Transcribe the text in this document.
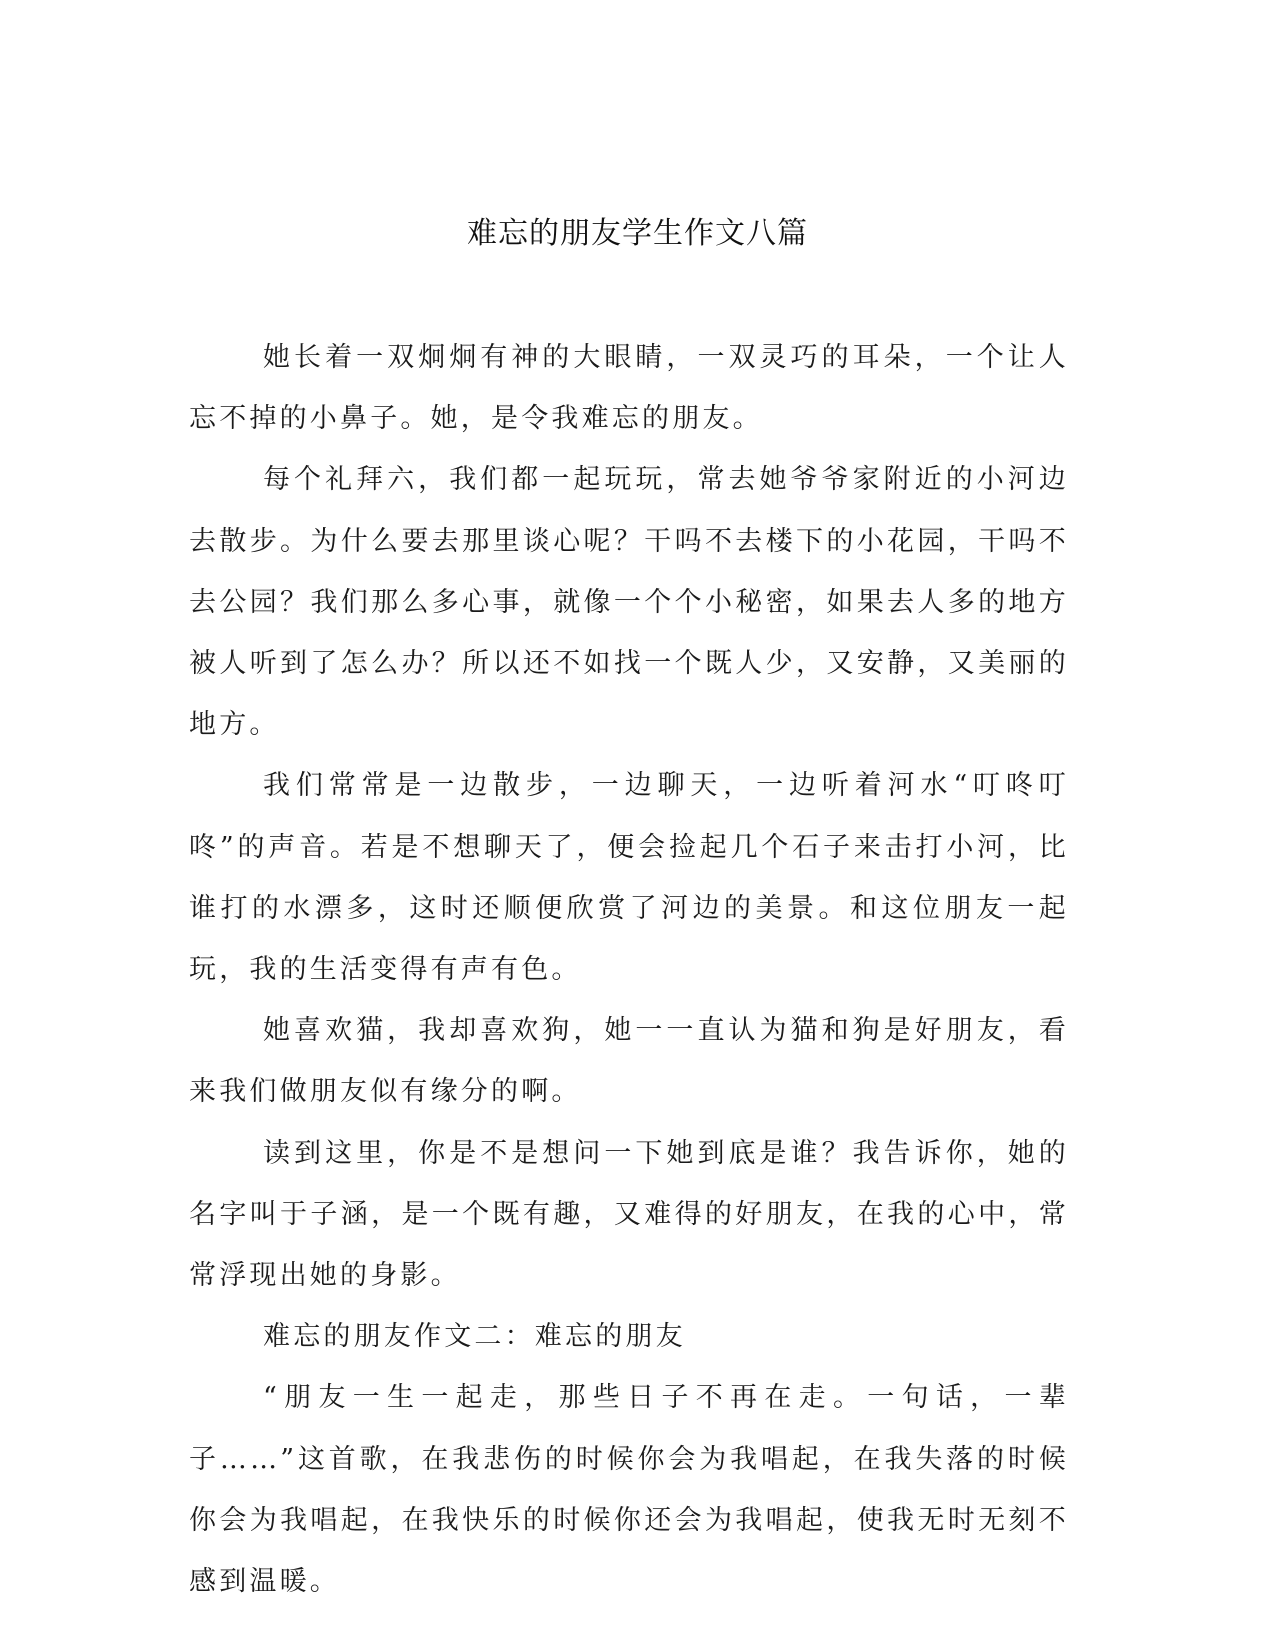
难忘的朋友学生作文八篇

她长着一双炯炯有神的大眼睛，一双灵巧的耳朵，一个让人忘不掉的小鼻子。她，是令我难忘的朋友。

每个礼拜六，我们都一起玩玩，常去她爷爷家附近的小河边去散步。为什么要去那里谈心呢？干吗不去楼下的小花园，干吗不去公园？我们那么多心事，就像一个个小秘密，如果去人多的地方被人听到了怎么办？所以还不如找一个既人少，又安静，又美丽的地方。

我们常常是一边散步，一边聊天，一边听着河水“叮咚叮咚”的声音。若是不想聊天了，便会捡起几个石子来击打小河，比谁打的水漂多，这时还顺便欣赏了河边的美景。和这位朋友一起玩，我的生活变得有声有色。

她喜欢猫，我却喜欢狗，她一一直认为猫和狗是好朋友，看来我们做朋友似有缘分的啊。

读到这里，你是不是想问一下她到底是谁？我告诉你，她的名字叫于子涵，是一个既有趣，又难得的好朋友，在我的心中，常常浮现出她的身影。

难忘的朋友作文二：难忘的朋友

“朋友一生一起走，那些日子不再在走。一句话，一辈子……”这首歌，在我悲伤的时候你会为我唱起，在我失落的时候你会为我唱起，在我快乐的时候你还会为我唱起，使我无时无刻不感到温暖。
